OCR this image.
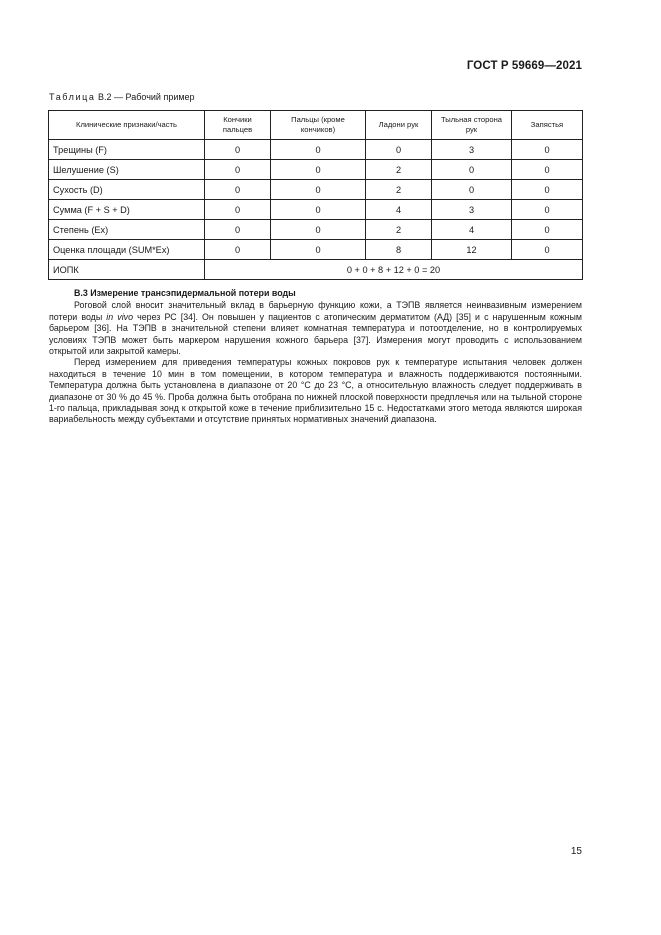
ГОСТ Р 59669—2021
Таблица В.2 — Рабочий пример
Клинические признаки/часть	Кончики пальцев	Пальцы (кроме кончиков)	Ладони рук	Тыльная сторона рук	Запястья
Трещины (F)	0	0	0	3	0
Шелушение (S)	0	0	2	0	0
Сухость (D)	0	0	2	0	0
Сумма (F + S + D)	0	0	4	3	0
Степень (Ex)	0	0	2	4	0
Оценка площади (SUM*Ex)	0	0	8	12	0
ИОПК	0 + 0 + 8 + 12 + 0 = 20				
В.3 Измерение трансэпидермальной потери воды

Роговой слой вносит значительный вклад в барьерную функцию кожи, а ТЭПВ является неинвазивным измерением потери воды in vivo через РС [34]. Он повышен у пациентов с атопическим дерматитом (АД) [35] и с нарушенным кожным барьером [36]. На ТЭПВ в значительной степени влияет комнатная температура и потоотделение, но в контролируемых условиях ТЭПВ может быть маркером нарушения кожного барьера [37]. Измерения могут проводить с использованием открытой или закрытой камеры.

Перед измерением для приведения температуры кожных покровов рук к температуре испытания человек должен находиться в течение 10 мин в том помещении, в котором температура и влажность поддерживаются постоянными. Температура должна быть установлена в диапазоне от 20 °С до 23 °С, а относительную влажность следует поддерживать в диапазоне от 30 % до 45 %. Проба должна быть отобрана по нижней плоской поверхности предплечья или на тыльной стороне 1-го пальца, прикладывая зонд к открытой коже в течение приблизительно 15 с. Недостатками этого метода являются широкая вариабельность между субъектами и отсутствие принятых нормативных значений диапазона.

15
